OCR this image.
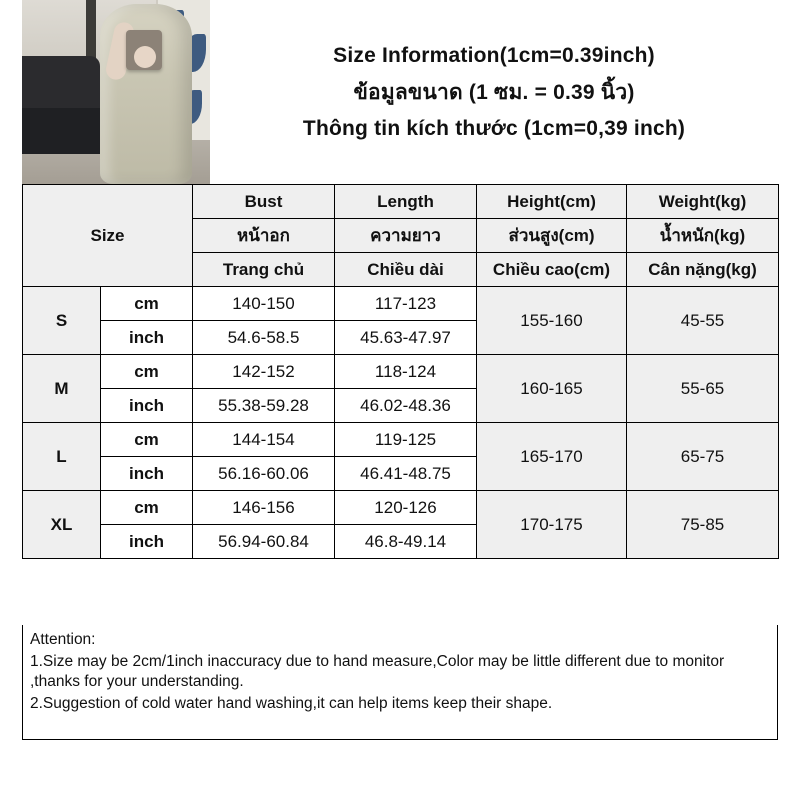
Size Information(1cm=0.39inch)
ข้อมูลขนาด (1 ซม. = 0.39 นิ้ว)
Thông tin kích thước (1cm=0,39 inch)
Size		Bust	Length	Height(cm)	Weight(kg)
		หน้าอก	ความยาว	ส่วนสูง(cm)	น้ำหนัก(kg)
		Trang chủ	Chiều dài	Chiều cao(cm)	Cân nặng(kg)
S	cm	140-150	117-123	155-160	45-55
	inch	54.6-58.5	45.63-47.97		
M	cm	142-152	118-124	160-165	55-65
	inch	55.38-59.28	46.02-48.36		
L	cm	144-154	119-125	165-170	65-75
	inch	56.16-60.06	46.41-48.75		
XL	cm	146-156	120-126	170-175	75-85
	inch	56.94-60.84	46.8-49.14		

Attention:

1.Size may be 2cm/1inch inaccuracy due to hand measure,Color may be little different due to monitor ,thanks for your understanding.

2.Suggestion of cold water hand washing,it can help items keep their shape.
